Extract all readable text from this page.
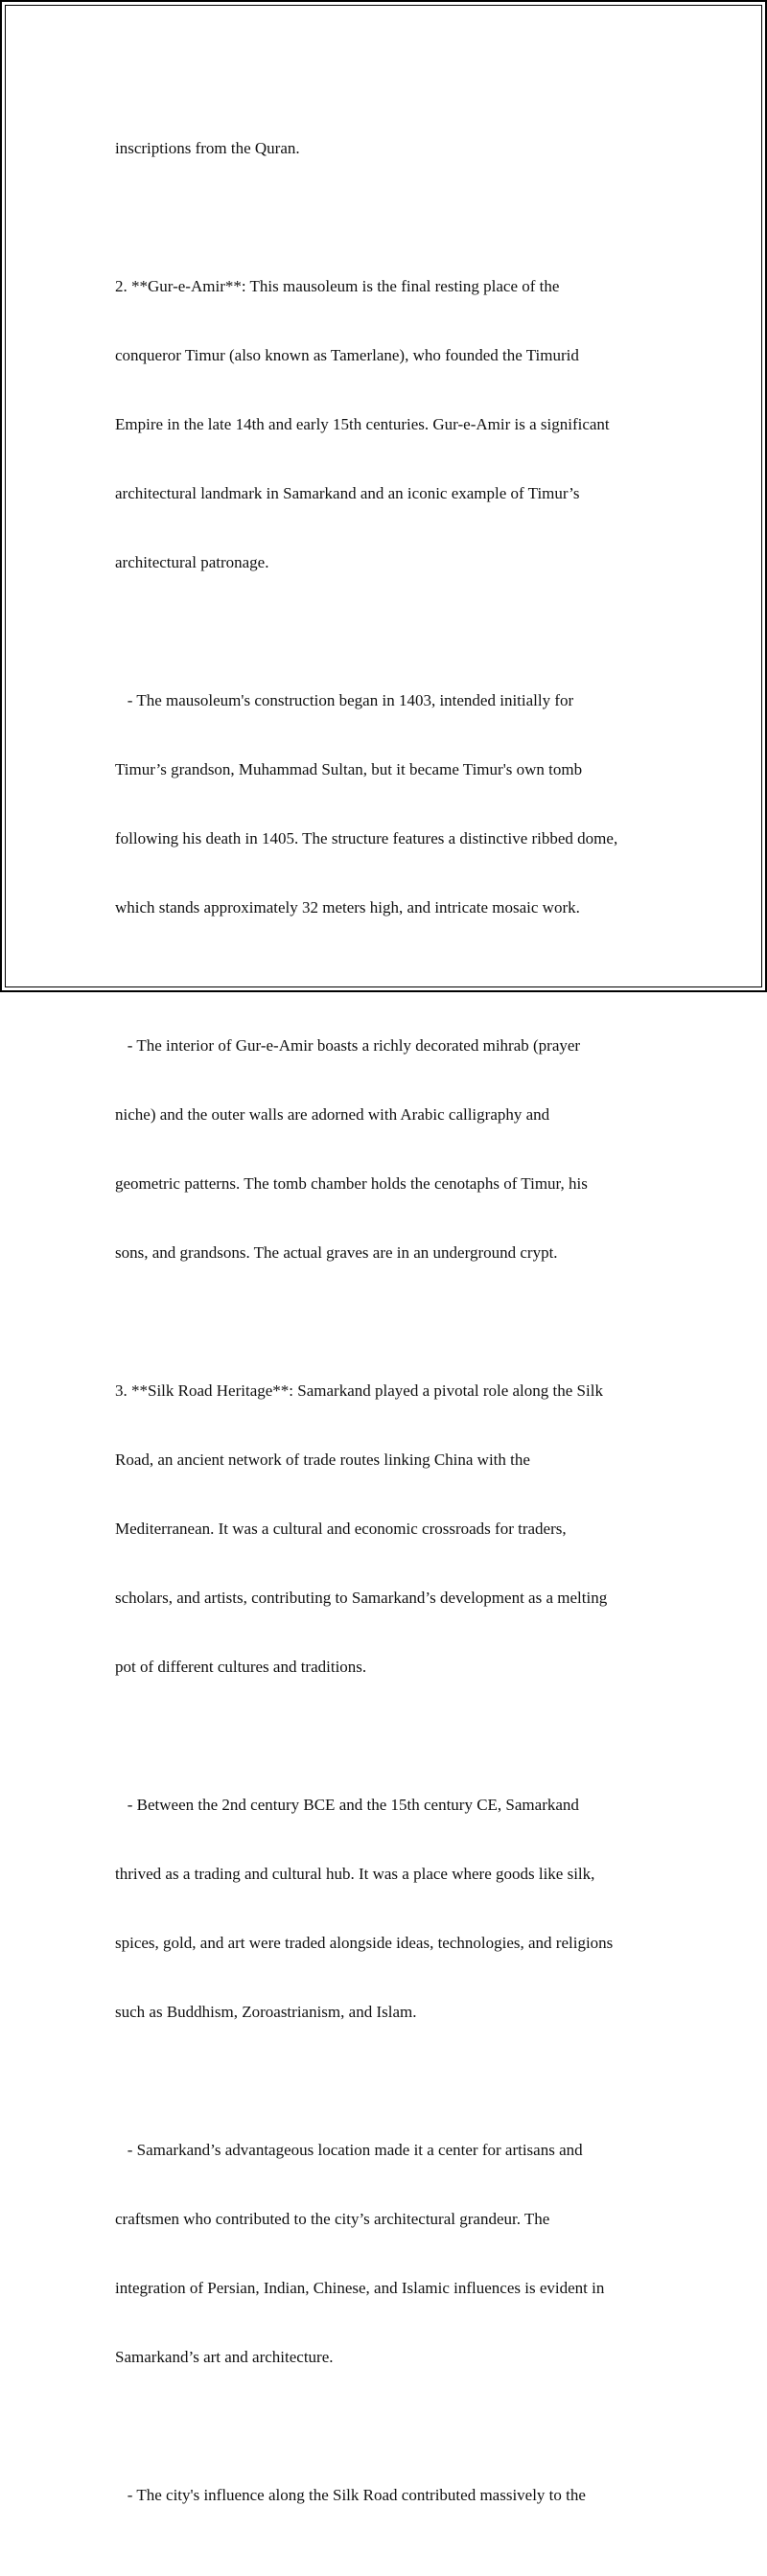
inscriptions from the Quran.

2. **Gur-e-Amir**: This mausoleum is the final resting place of the

conqueror Timur (also known as Tamerlane), who founded the Timurid

Empire in the late 14th and early 15th centuries. Gur-e-Amir is a significant

architectural landmark in Samarkand and an iconic example of Timur’s

architectural patronage.

- The mausoleum's construction began in 1403, intended initially for

Timur’s grandson, Muhammad Sultan, but it became Timur's own tomb

following his death in 1405. The structure features a distinctive ribbed dome,

which stands approximately 32 meters high, and intricate mosaic work.

- The interior of Gur-e-Amir boasts a richly decorated mihrab (prayer

niche) and the outer walls are adorned with Arabic calligraphy and

geometric patterns. The tomb chamber holds the cenotaphs of Timur, his

sons, and grandsons. The actual graves are in an underground crypt.

3. **Silk Road Heritage**: Samarkand played a pivotal role along the Silk

Road, an ancient network of trade routes linking China with the

Mediterranean. It was a cultural and economic crossroads for traders,

scholars, and artists, contributing to Samarkand’s development as a melting

pot of different cultures and traditions.

- Between the 2nd century BCE and the 15th century CE, Samarkand

thrived as a trading and cultural hub. It was a place where goods like silk,

spices, gold, and art were traded alongside ideas, technologies, and religions

such as Buddhism, Zoroastrianism, and Islam.

- Samarkand’s advantageous location made it a center for artisans and

craftsmen who contributed to the city’s architectural grandeur. The

integration of Persian, Indian, Chinese, and Islamic influences is evident in

Samarkand’s art and architecture.

- The city's influence along the Silk Road contributed massively to the
